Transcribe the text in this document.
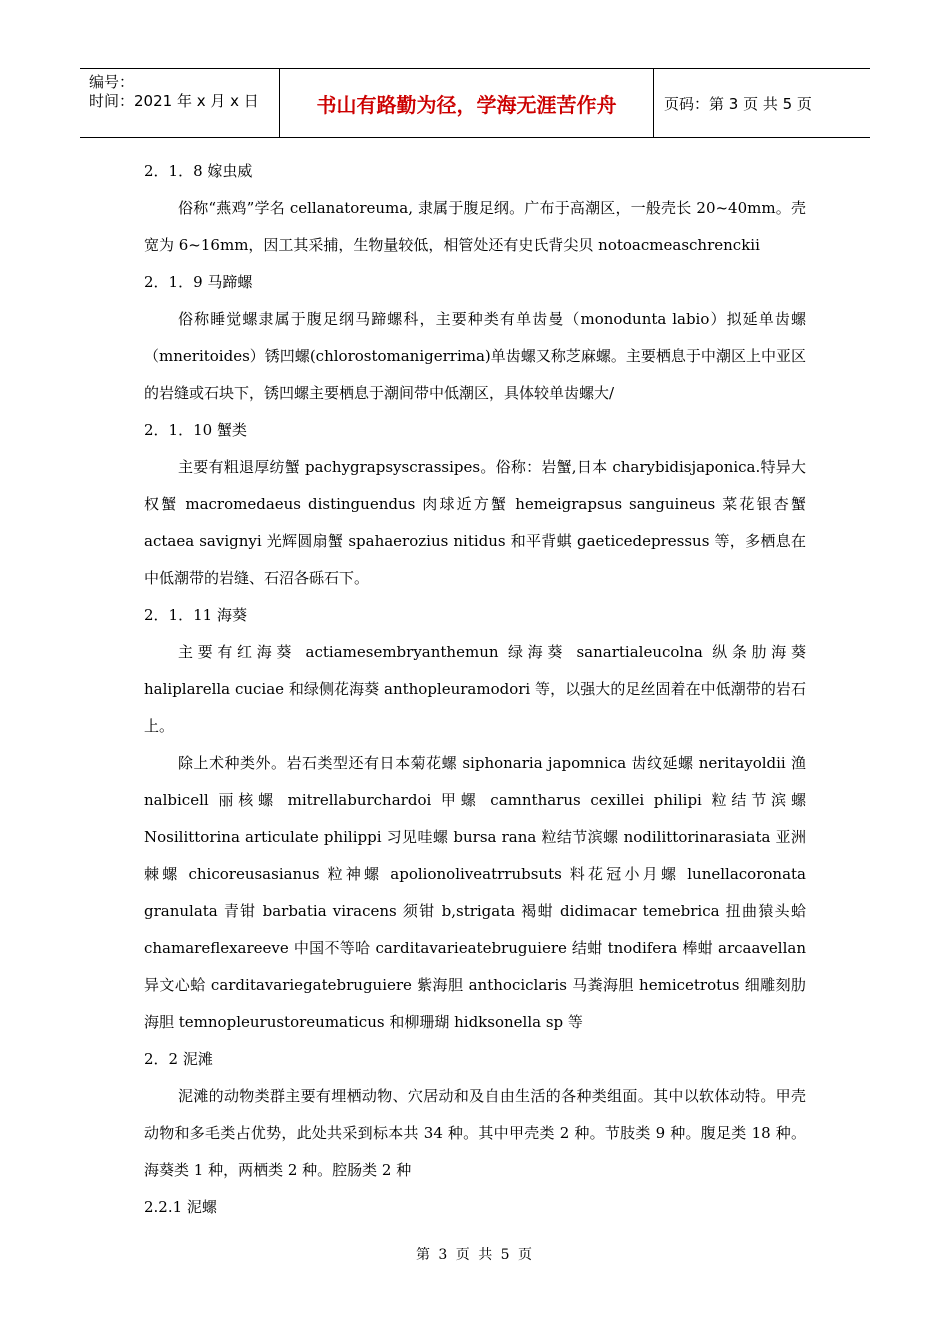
编号：
时间：2021 年 x 月 x 日	书山有路勤为径，学海无涯苦作舟	页码：第 3 页 共 5 页

2．1．8 嫁虫威

俗称“燕鸡”学名 cellanatoreuma, 隶属于腹足纲。广布于高潮区，一般壳长 20~40mm。壳宽为 6~16mm，因工其采捕，生物量较低，相管处还有史氏背尖贝 notoacmeaschrenckii

2．1．9 马蹄螺

俗称睡觉螺隶属于腹足纲马蹄螺科，主要种类有单齿曼（monodunta labio）拟延单齿螺（mneritoides）锈凹螺(chlorostomanigerrima)单齿螺又称芝麻螺。主要栖息于中潮区上中亚区的岩缝或石块下，锈凹螺主要栖息于潮间带中低潮区，具体较单齿螺大/

2．1．10 蟹类

主要有粗退厚纺蟹 pachygrapsyscrassipes。俗称：岩蟹,日本 charybidisjaponica.特异大权蟹 macromedaeus distinguendus 肉球近方蟹 hemeigrapsus sanguineus 菜花银杏蟹 actaea savignyi 光辉圆扇蟹 spahaerozius nitidus 和平背蜞 gaeticedepressus 等，多栖息在中低潮带的岩缝、石沼各砾石下。

2．1．11 海葵

主要有红海葵 actiamesembryanthemun 绿海葵 sanartialeucolna 纵条肋海葵 haliplarella cuciae 和绿侧花海葵 anthopleuramodori 等，以强大的足丝固着在中低潮带的岩石上。

除上术种类外。岩石类型还有日本菊花螺 siphonaria japomnica 齿纹延螺 neritayoldii 渔 nalbicell 丽核螺 mitrellaburchardoi 甲螺 camntharus cexillei philipi 粒结节滨螺 Nosilittorina articulate philippi 习见哇螺 bursa rana 粒结节滨螺 nodilittorinarasiata 亚洲棘螺 chicoreusasianus 粒神螺 apolionoliveatrrubsuts 料花冠小月螺 lunellacoronata granulata 青钳 barbatia viracens 须钳 b,strigata 褐蚶 didimacar temebrica 扭曲猿头蛤 chamareflexareeve 中国不等哈 carditavarieatebruguiere 结蚶 tnodifera 棒蚶 arcaavellan 异文心蛤 carditavariegatebruguiere 紫海胆 anthociclaris 马粪海胆 hemicetrotus 细雕刻肋海胆 temnopleurustoreumaticus 和柳珊瑚 hidksonella sp 等

2．2 泥滩

泥滩的动物类群主要有埋栖动物、穴居动和及自由生活的各种类组面。其中以软体动特。甲壳动物和多毛类占优势，此处共采到标本共 34 种。其中甲壳类 2 种。节肢类 9 种。腹足类 18 种。海葵类 1 种，两栖类 2 种。腔肠类 2 种

2.2.1 泥螺

第 3 页 共 5 页
